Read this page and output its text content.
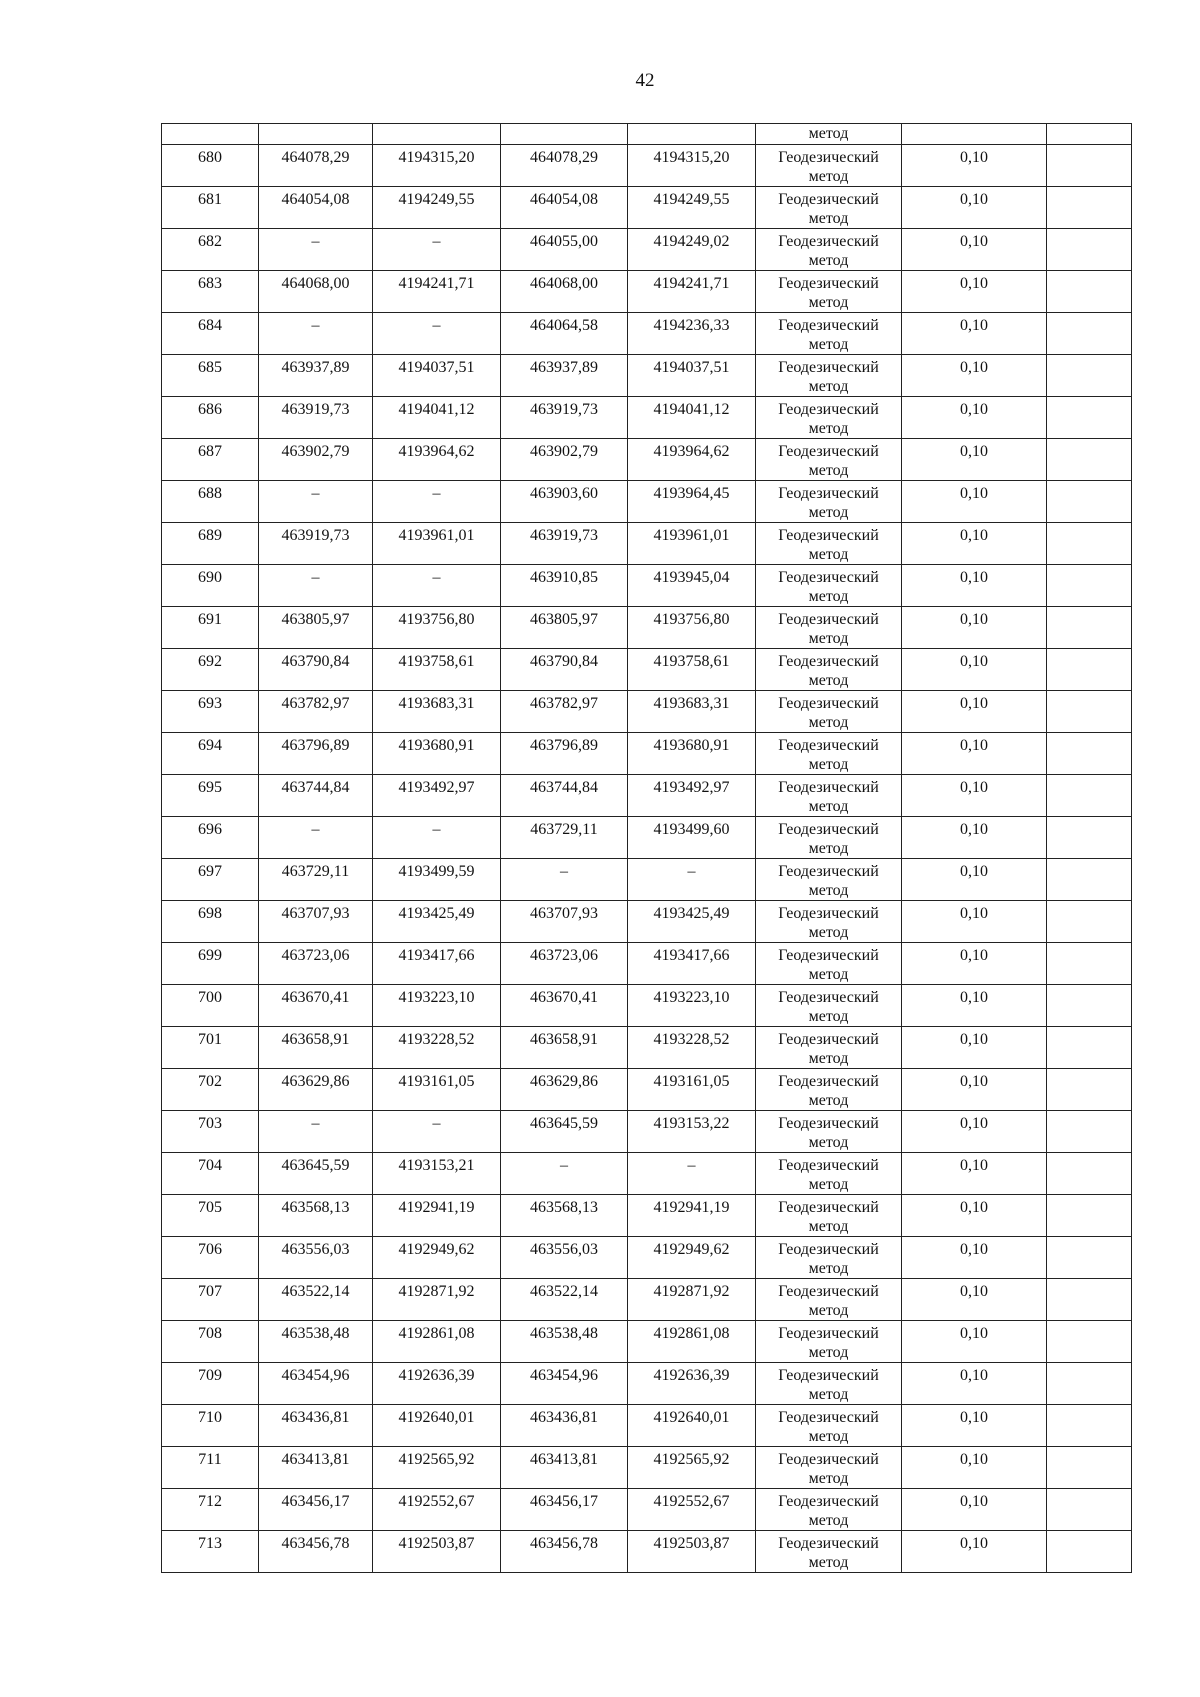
42
					метод		

680	464078,29	4194315,20	464078,29	4194315,20	Геодезический
метод	0,10	

681	464054,08	4194249,55	464054,08	4194249,55	Геодезический
метод	0,10	

682	–	–	464055,00	4194249,02	Геодезический
метод	0,10	

683	464068,00	4194241,71	464068,00	4194241,71	Геодезический
метод	0,10	

684	–	–	464064,58	4194236,33	Геодезический
метод	0,10	

685	463937,89	4194037,51	463937,89	4194037,51	Геодезический
метод	0,10	

686	463919,73	4194041,12	463919,73	4194041,12	Геодезический
метод	0,10	

687	463902,79	4193964,62	463902,79	4193964,62	Геодезический
метод	0,10	

688	–	–	463903,60	4193964,45	Геодезический
метод	0,10	

689	463919,73	4193961,01	463919,73	4193961,01	Геодезический
метод	0,10	

690	–	–	463910,85	4193945,04	Геодезический
метод	0,10	

691	463805,97	4193756,80	463805,97	4193756,80	Геодезический
метод	0,10	

692	463790,84	4193758,61	463790,84	4193758,61	Геодезический
метод	0,10	

693	463782,97	4193683,31	463782,97	4193683,31	Геодезический
метод	0,10	

694	463796,89	4193680,91	463796,89	4193680,91	Геодезический
метод	0,10	

695	463744,84	4193492,97	463744,84	4193492,97	Геодезический
метод	0,10	

696	–	–	463729,11	4193499,60	Геодезический
метод	0,10	

697	463729,11	4193499,59	–	–	Геодезический
метод	0,10	

698	463707,93	4193425,49	463707,93	4193425,49	Геодезический
метод	0,10	

699	463723,06	4193417,66	463723,06	4193417,66	Геодезический
метод	0,10	

700	463670,41	4193223,10	463670,41	4193223,10	Геодезический
метод	0,10	

701	463658,91	4193228,52	463658,91	4193228,52	Геодезический
метод	0,10	

702	463629,86	4193161,05	463629,86	4193161,05	Геодезический
метод	0,10	

703	–	–	463645,59	4193153,22	Геодезический
метод	0,10	

704	463645,59	4193153,21	–	–	Геодезический
метод	0,10	

705	463568,13	4192941,19	463568,13	4192941,19	Геодезический
метод	0,10	

706	463556,03	4192949,62	463556,03	4192949,62	Геодезический
метод	0,10	

707	463522,14	4192871,92	463522,14	4192871,92	Геодезический
метод	0,10	

708	463538,48	4192861,08	463538,48	4192861,08	Геодезический
метод	0,10	

709	463454,96	4192636,39	463454,96	4192636,39	Геодезический
метод	0,10	

710	463436,81	4192640,01	463436,81	4192640,01	Геодезический
метод	0,10	

711	463413,81	4192565,92	463413,81	4192565,92	Геодезический
метод	0,10	

712	463456,17	4192552,67	463456,17	4192552,67	Геодезический
метод	0,10	

713	463456,78	4192503,87	463456,78	4192503,87	Геодезический
метод	0,10	
